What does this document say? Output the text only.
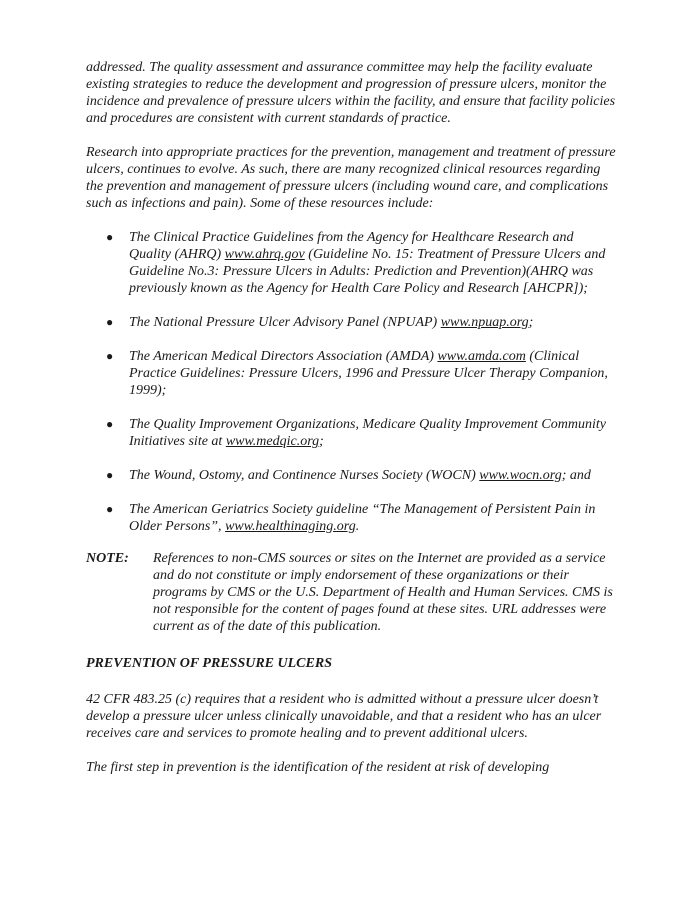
addressed. The quality assessment and assurance committee may help the facility evaluate existing strategies to reduce the development and progression of pressure ulcers, monitor the incidence and prevalence of pressure ulcers within the facility, and ensure that facility policies and procedures are consistent with current standards of practice.

Research into appropriate practices for the prevention, management and treatment of pressure ulcers, continues to evolve. As such, there are many recognized clinical resources regarding the prevention and management of pressure ulcers (including wound care, and complications such as infections and pain). Some of these resources include:

● The Clinical Practice Guidelines from the Agency for Healthcare Research and Quality (AHRQ) www.ahrq.gov (Guideline No. 15: Treatment of Pressure Ulcers and Guideline No.3: Pressure Ulcers in Adults: Prediction and Prevention)(AHRQ was previously known as the Agency for Health Care Policy and Research [AHCPR]);
● The National Pressure Ulcer Advisory Panel (NPUAP) www.npuap.org;
● The American Medical Directors Association (AMDA) www.amda.com (Clinical Practice Guidelines: Pressure Ulcers, 1996 and Pressure Ulcer Therapy Companion, 1999);
● The Quality Improvement Organizations, Medicare Quality Improvement Community Initiatives site at www.medqic.org;
● The Wound, Ostomy, and Continence Nurses Society (WOCN) www.wocn.org; and
● The American Geriatrics Society guideline “The Management of Persistent Pain in Older Persons”, www.healthinaging.org.
NOTE:	References to non-CMS sources or sites on the Internet are provided as a service and do not constitute or imply endorsement of these organizations or their programs by CMS or the U.S. Department of Health and Human Services. CMS is not responsible for the content of pages found at these sites. URL addresses were current as of the date of this publication.

PREVENTION OF PRESSURE ULCERS

42 CFR 483.25 (c) requires that a resident who is admitted without a pressure ulcer doesn’t develop a pressure ulcer unless clinically unavoidable, and that a resident who has an ulcer receives care and services to promote healing and to prevent additional ulcers.

The first step in prevention is the identification of the resident at risk of developing
